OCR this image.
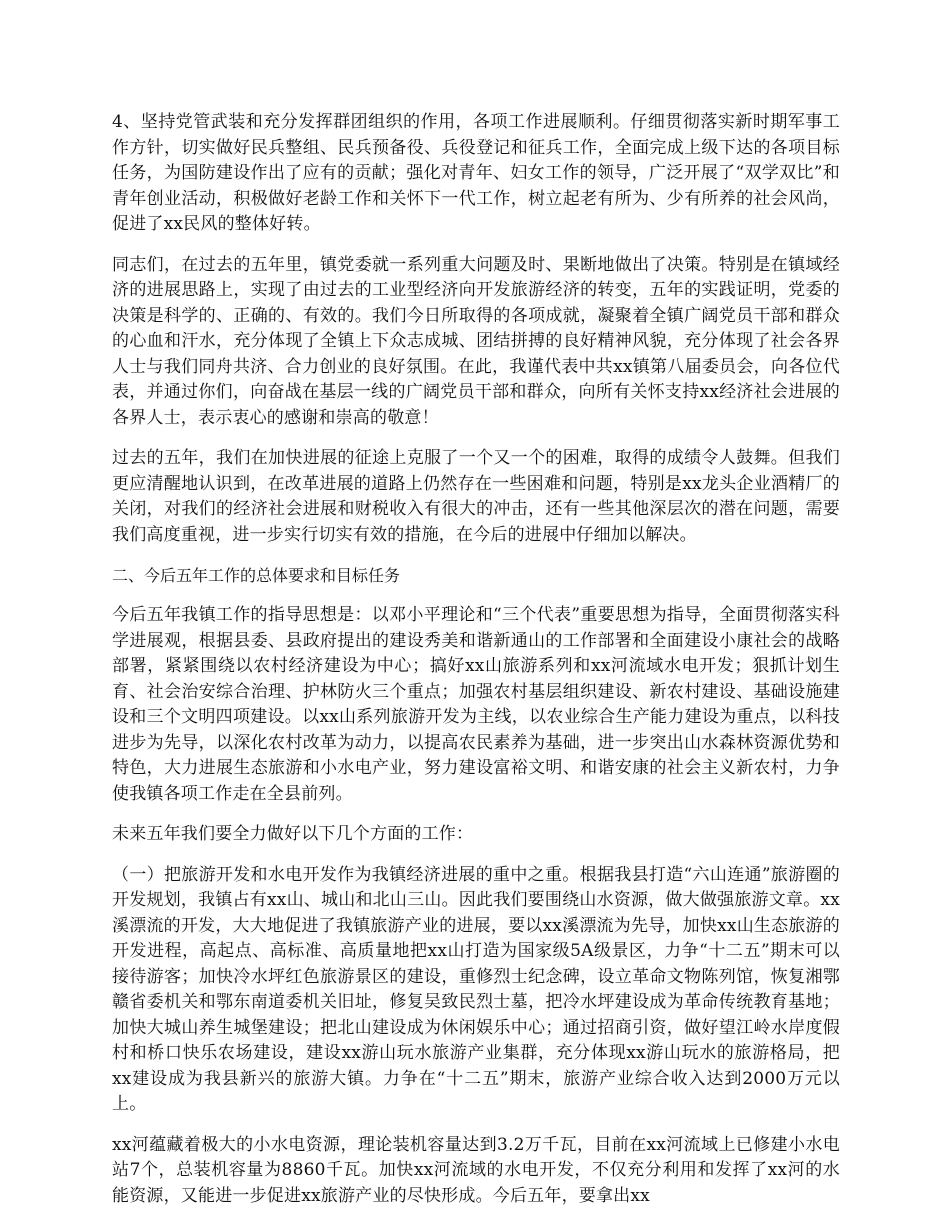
4、坚持党管武装和充分发挥群团组织的作用，各项工作进展顺利。仔细贯彻落实新时期军事工作方针，切实做好民兵整组、民兵预备役、兵役登记和征兵工作，全面完成上级下达的各项目标任务，为国防建设作出了应有的贡献；强化对青年、妇女工作的领导，广泛开展了“双学双比”和青年创业活动，积极做好老龄工作和关怀下一代工作，树立起老有所为、少有所养的社会风尚，促进了xx民风的整体好转。

同志们，在过去的五年里，镇党委就一系列重大问题及时、果断地做出了决策。特别是在镇域经济的进展思路上，实现了由过去的工业型经济向开发旅游经济的转变，五年的实践证明，党委的决策是科学的、正确的、有效的。我们今日所取得的各项成就，凝聚着全镇广阔党员干部和群众的心血和汗水，充分体现了全镇上下众志成城、团结拼搏的良好精神风貌，充分体现了社会各界人士与我们同舟共济、合力创业的良好氛围。在此，我谨代表中共xx镇第八届委员会，向各位代表，并通过你们，向奋战在基层一线的广阔党员干部和群众，向所有关怀支持xx经济社会进展的各界人士，表示衷心的感谢和崇高的敬意！

过去的五年，我们在加快进展的征途上克服了一个又一个的困难，取得的成绩令人鼓舞。但我们更应清醒地认识到，在改革进展的道路上仍然存在一些困难和问题，特别是xx龙头企业酒精厂的关闭，对我们的经济社会进展和财税收入有很大的冲击，还有一些其他深层次的潜在问题，需要我们高度重视，进一步实行切实有效的措施，在今后的进展中仔细加以解决。

二、今后五年工作的总体要求和目标任务

今后五年我镇工作的指导思想是：以邓小平理论和“三个代表”重要思想为指导，全面贯彻落实科学进展观，根据县委、县政府提出的建设秀美和谐新通山的工作部署和全面建设小康社会的战略部署，紧紧围绕以农村经济建设为中心；搞好xx山旅游系列和xx河流域水电开发；狠抓计划生育、社会治安综合治理、护林防火三个重点；加强农村基层组织建设、新农村建设、基础设施建设和三个文明四项建设。以xx山系列旅游开发为主线，以农业综合生产能力建设为重点，以科技进步为先导，以深化农村改革为动力，以提高农民素养为基础，进一步突出山水森林资源优势和特色，大力进展生态旅游和小水电产业，努力建设富裕文明、和谐安康的社会主义新农村，力争使我镇各项工作走在全县前列。

未来五年我们要全力做好以下几个方面的工作：

（一）把旅游开发和水电开发作为我镇经济进展的重中之重。根据我县打造“六山连通”旅游圈的开发规划，我镇占有xx山、城山和北山三山。因此我们要围绕山水资源，做大做强旅游文章。xx溪漂流的开发，大大地促进了我镇旅游产业的进展，要以xx溪漂流为先导，加快xx山生态旅游的开发进程，高起点、高标准、高质量地把xx山打造为国家级5A级景区，力争“十二五”期末可以接待游客；加快冷水坪红色旅游景区的建设，重修烈士纪念碑，设立革命文物陈列馆，恢复湘鄂赣省委机关和鄂东南道委机关旧址，修复吴致民烈士墓，把冷水坪建设成为革命传统教育基地；加快大城山养生城堡建设；把北山建设成为休闲娱乐中心；通过招商引资，做好望江岭水岸度假村和桥口快乐农场建设，建设xx游山玩水旅游产业集群，充分体现xx游山玩水的旅游格局，把xx建设成为我县新兴的旅游大镇。力争在“十二五”期末，旅游产业综合收入达到2000万元以上。

xx河蕴藏着极大的小水电资源，理论装机容量达到3.2万千瓦，目前在xx河流域上已修建小水电站7个，总装机容量为8860千瓦。加快xx河流域的水电开发，不仅充分利用和发挥了xx河的水能资源，又能进一步促进xx旅游产业的尽快形成。今后五年，要拿出xx
